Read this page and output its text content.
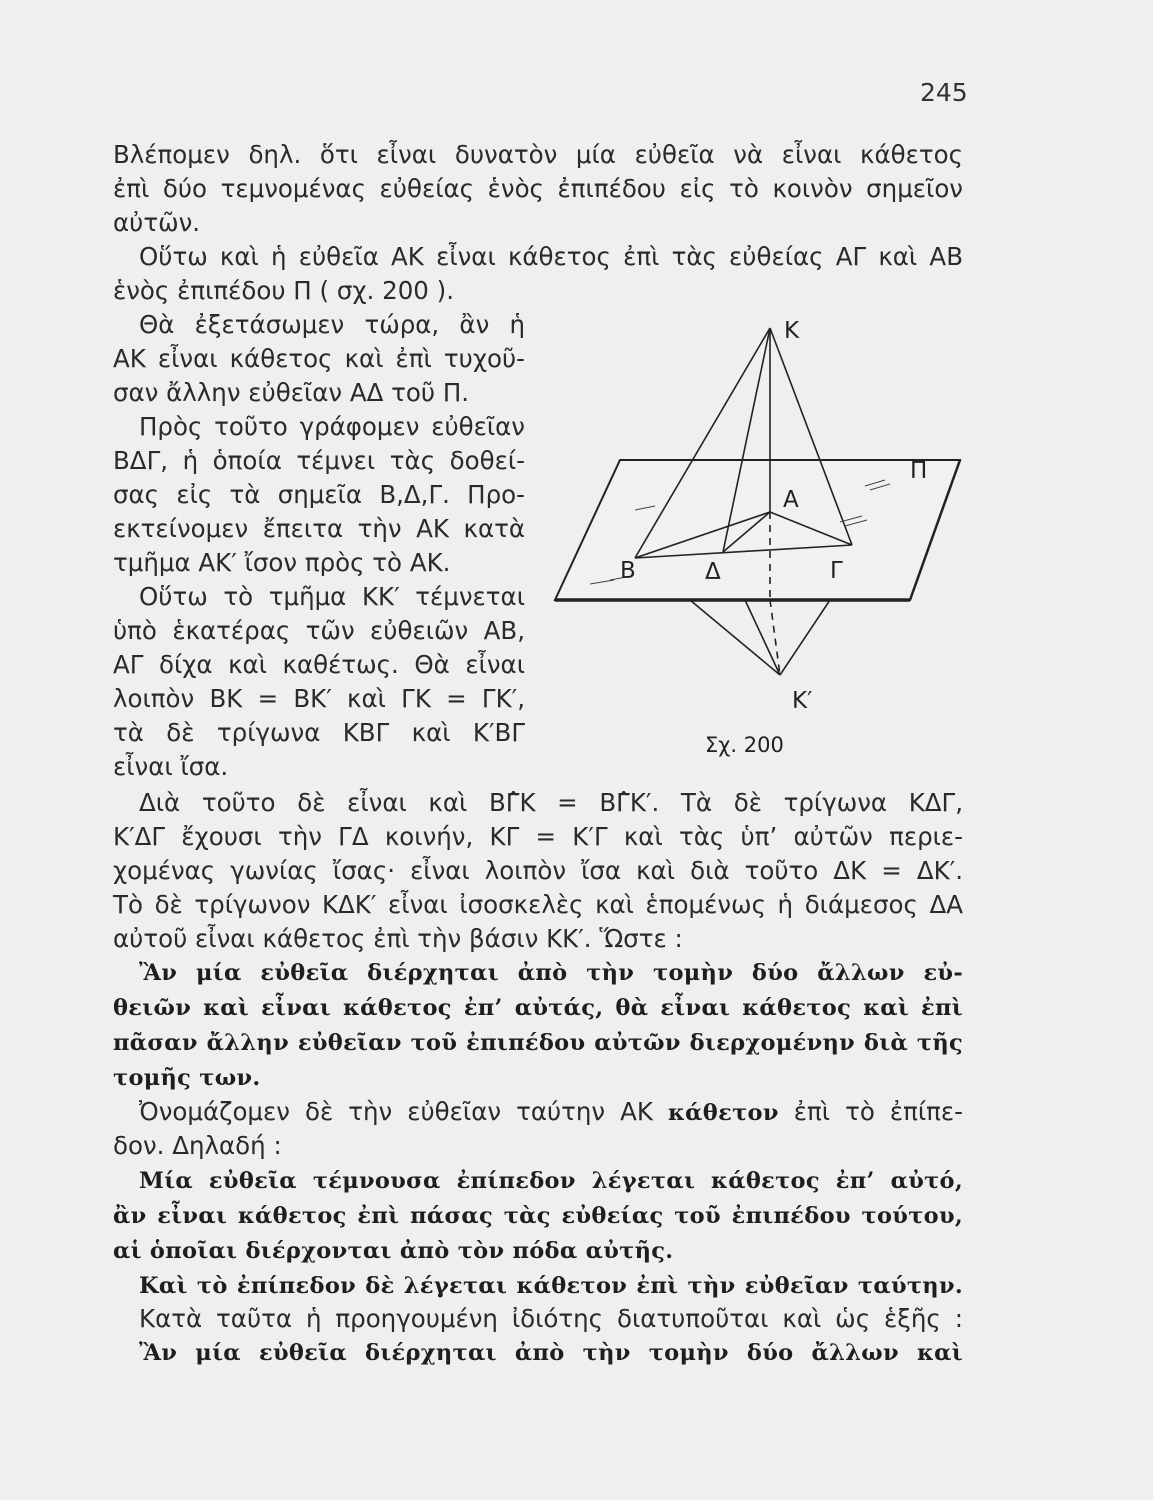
245
Βλέπομεν δηλ. ὅτι εἶναι δυνατὸν μία εὐθεῖα νὰ εἶναι κάθετος
ἐπὶ δύο τεμνομένας εὐθείας ἑνὸς ἐπιπέδου εἰς τὸ κοινὸν σημεῖον
αὐτῶν.
Οὕτω καὶ ἡ εὐθεῖα ΑΚ εἶναι κάθετος ἐπὶ τὰς εὐθείας ΑΓ καὶ ΑΒ
ἑνὸς ἐπιπέδου Π ( σχ. 200 ).
Θὰ ἐξετάσωμεν τώρα, ἂν ἡ
ΑΚ εἶναι κάθετος καὶ ἐπὶ τυχοῦ-
σαν ἄλλην εὐθεῖαν ΑΔ τοῦ Π.
Πρὸς τοῦτο γράφομεν εὐθεῖαν
ΒΔΓ, ἡ ὁποία τέμνει τὰς δοθεί-
σας εἰς τὰ σημεῖα Β,Δ,Γ. Προ-
εκτείνομεν ἔπειτα τὴν ΑΚ κατὰ
τμῆμα ΑΚ′ ἴσον πρὸς τὸ ΑΚ.
Οὕτω τὸ τμῆμα ΚΚ′ τέμνεται
ὑπὸ ἑκατέρας τῶν εὐθειῶν ΑΒ,
ΑΓ δίχα καὶ καθέτως. Θὰ εἶναι
λοιπὸν ΒΚ = ΒΚ′ καὶ ΓΚ = ΓΚ′,
τὰ δὲ τρίγωνα ΚΒΓ καὶ Κ′ΒΓ
εἶναι ἴσα.
Διὰ τοῦτο δὲ εἶναι καὶ ΒΓ̂Κ = ΒΓ̂Κ′. Τὰ δὲ τρίγωνα ΚΔΓ,
Κ′ΔΓ ἔχουσι τὴν ΓΔ κοινήν, ΚΓ = Κ′Γ καὶ τὰς ὑπ’ αὐτῶν περιε-
χομένας γωνίας ἴσας· εἶναι λοιπὸν ἴσα καὶ διὰ τοῦτο ΔΚ = ΔΚ′.
Τὸ δὲ τρίγωνον ΚΔΚ′ εἶναι ἰσοσκελὲς καὶ ἑπομένως ἡ διάμεσος ΔΑ
αὐτοῦ εἶναι κάθετος ἐπὶ τὴν βάσιν ΚΚ′. Ὥστε :
Ἂν μία εὐθεῖα διέρχηται ἀπὸ τὴν τομὴν δύο ἄλλων εὐ-
θειῶν καὶ εἶναι κάθετος ἐπ’ αὐτάς, θὰ εἶναι κάθετος καὶ ἐπὶ
πᾶσαν ἄλλην εὐθεῖαν τοῦ ἐπιπέδου αὐτῶν διερχομένην διὰ τῆς
τομῆς των.
Ὀνομάζομεν δὲ τὴν εὐθεῖαν ταύτην ΑΚ κάθετον ἐπὶ τὸ ἐπίπε-
δον. Δηλαδή :
Μία εὐθεῖα τέμνουσα ἐπίπεδον λέγεται κάθετος ἐπ’ αὐτό,
ἂν εἶναι κάθετος ἐπὶ πάσας τὰς εὐθείας τοῦ ἐπιπέδου τούτου,
αἱ ὁποῖαι διέρχονται ἀπὸ τὸν πόδα αὐτῆς.
Καὶ τὸ ἐπίπεδον δὲ λέγεται κάθετον ἐπὶ τὴν εὐθεῖαν ταύτην.
Κατὰ ταῦτα ἡ προηγουμένη ἰδιότης διατυποῦται καὶ ὡς ἑξῆς :
Ἂν μία εὐθεῖα διέρχηται ἀπὸ τὴν τομὴν δύο ἄλλων καὶ
Κ
Α
Β	Δ	Γ
Π
Κ′
Σχ. 200
